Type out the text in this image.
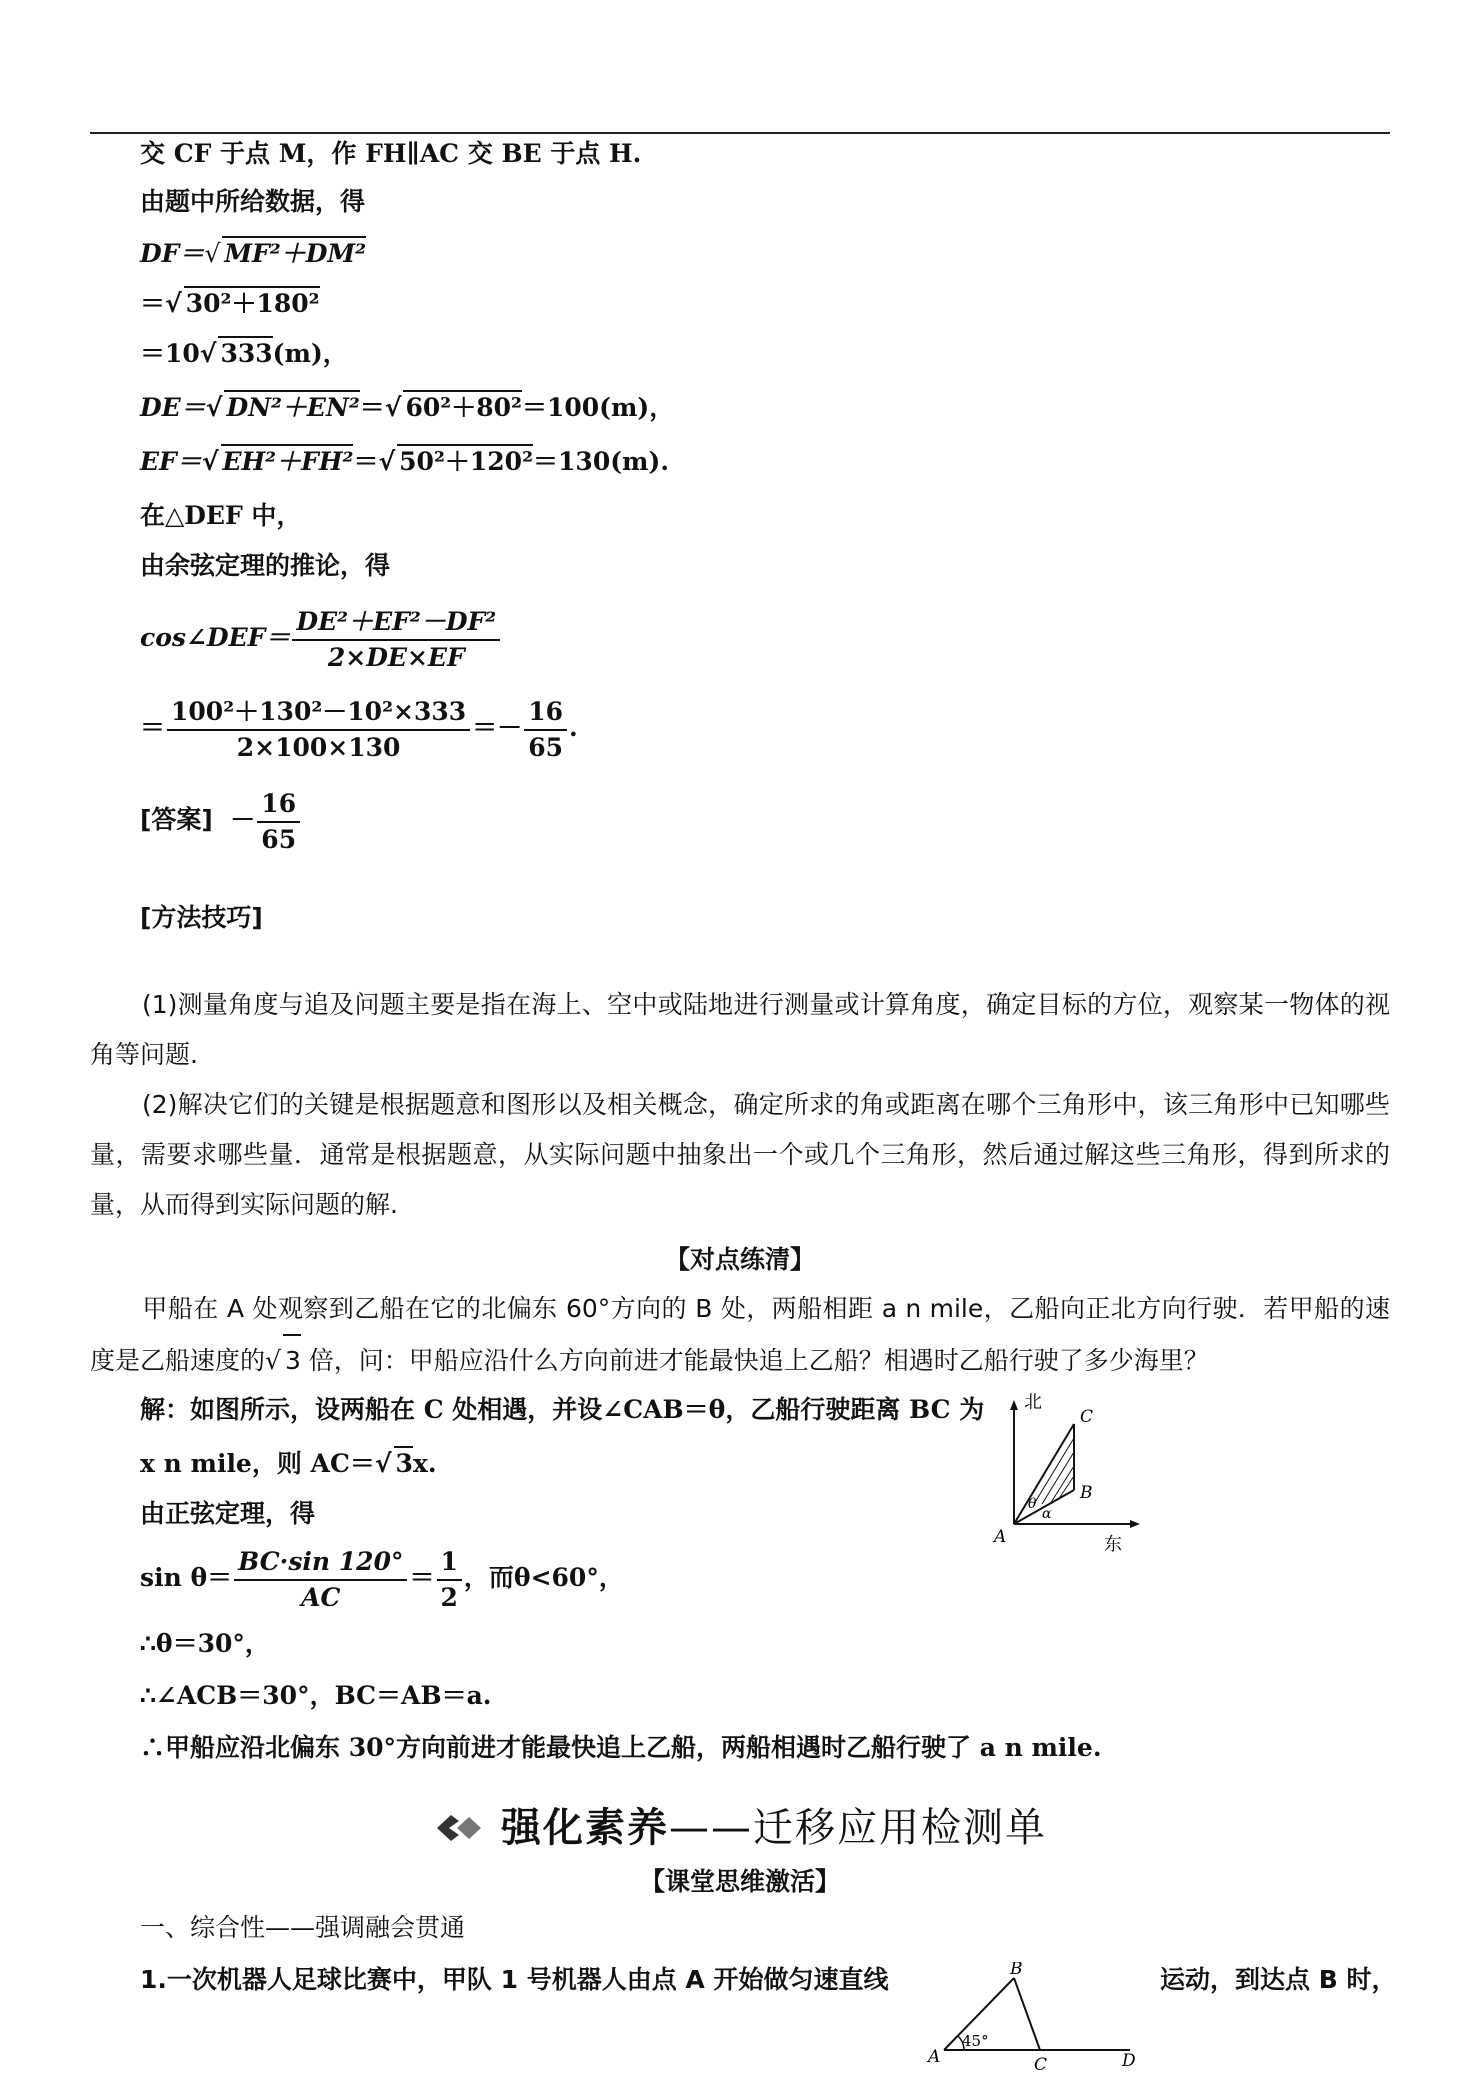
交 CF 于点 M，作 FH∥AC 交 BE 于点 H.
由题中所给数据，得
DF＝√ MF²＋DM²
＝√ 30²＋180²
＝10√ 333(m)，
DE＝√ DN²＋EN²＝√ 60²＋80²＝100(m)，
EF＝√ EH²＋FH²＝√ 50²＋120²＝130(m).
在△DEF 中，
由余弦定理的推论，得
cos∠DEF＝ $\frac{\text{DE²＋EF²－DF²}}{2\times DE\times EF}$
＝ $\frac{\text{100²＋130²－10²×333}}{2\times 100\times 130} =- \frac{16}{65}$ .
[答案] － $\frac{16}{65}$
[方法技巧]
(1)测量角度与追及问题主要是指在海上、空中或陆地进行测量或计算角度，确定目标的方位，观察某一物体的视角等问题.
(2)解决它们的关键是根据题意和图形以及相关概念，确定所求的角或距离在哪个三角形中，该三角形中已知哪些量，需要求哪些量．通常是根据题意，从实际问题中抽象出一个或几个三角形，然后通过解这些三角形，得到所求的量，从而得到实际问题的解.
【对点练清】
甲船在 A 处观察到乙船在它的北偏东 60°方向的 B 处，两船相距 a n mile，乙船向正北方向行驶．若甲船的速度是乙船速度的√ 3 倍，问：甲船应沿什么方向前进才能最快追上乙船？相遇时乙船行驶了多少海里？
解：如图所示，设两船在 C 处相遇，并设∠CAB＝θ，乙船行驶距离 BC 为
x n mile，则 AC＝√ 3x.
由正弦定理，得
$\sin \theta= \frac{BC\cdot\sin 120^\circ}{AC} = \frac{1}{2}$ ，而θ<60°，
∴θ＝30°，
∴∠ACB＝30°，BC＝AB＝a.
∴甲船应沿北偏东 30°方向前进才能最快追上乙船，两船相遇时乙船行驶了 a n mile.
北
东
A
B
C
θ
α
强化素养——迁移应用检测单
【课堂思维激活】
一、综合性——强调融会贯通
1.一次机器人足球比赛中，甲队 1 号机器人由点 A 开始做匀速直线	运动，到达点 B 时，
B
A	C	D
45°
